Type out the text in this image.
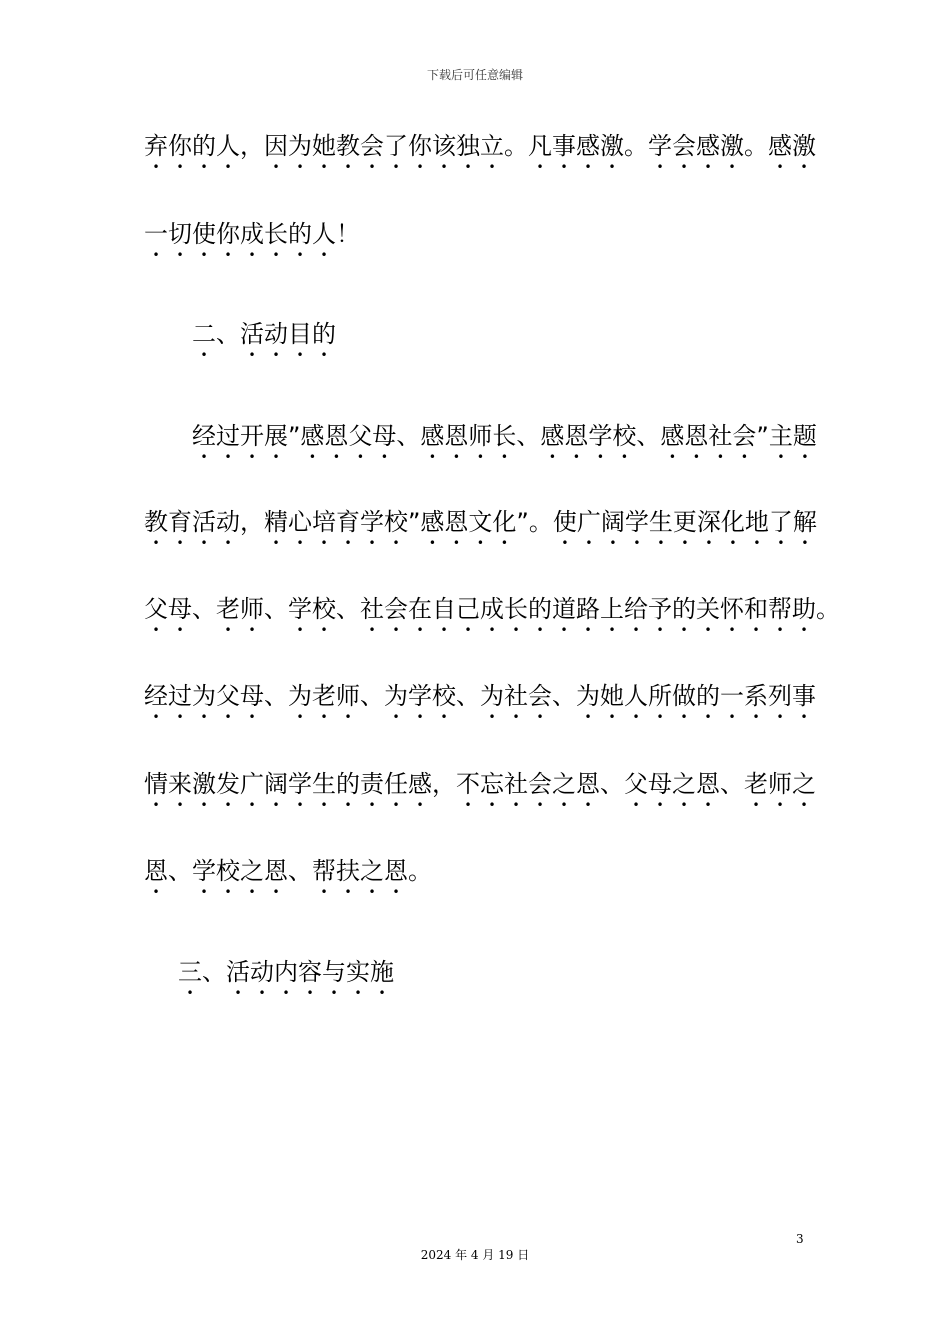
下载后可任意编辑
弃你的人，因为她教会了你该独立。凡事感激。学会感激。感激
一切使你成长的人！
二、活动目的
经过开展”感恩父母、感恩师长、感恩学校、感恩社会”主题
教育活动，精心培育学校”感恩文化”。使广阔学生更深化地了解
父母、老师、学校、社会在自己成长的道路上给予的关怀和帮助。
经过为父母、为老师、为学校、为社会、为她人所做的一系列事
情来激发广阔学生的责任感，不忘社会之恩、父母之恩、老师之
恩、学校之恩、帮扶之恩。
三、活动内容与实施
3
2024 年 4 月 19 日
